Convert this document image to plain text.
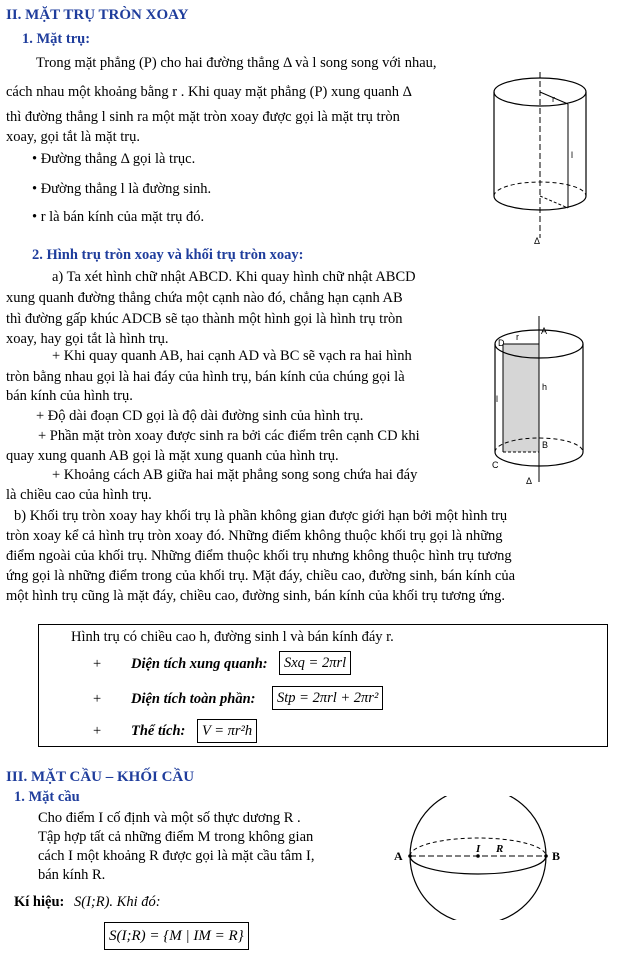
II. MẶT TRỤ TRÒN XOAY
1. Mặt trụ:
Trong mặt phẳng (P) cho hai đường thẳng Δ và l song song với nhau,
cách nhau một khoảng bằng r . Khi quay mặt phẳng (P) xung quanh Δ
thì đường thẳng l sinh ra một mặt tròn xoay được gọi là mặt trụ tròn
xoay, gọi tắt là mặt trụ.
• Đường thẳng Δ gọi là trục.
• Đường thẳng l là đường sinh.
• r là bán kính của mặt trụ đó.
2. Hình trụ tròn xoay và khối trụ tròn xoay:
a) Ta xét hình chữ nhật ABCD. Khi quay hình chữ nhật ABCD
xung quanh đường thẳng chứa một cạnh nào đó, chẳng hạn cạnh AB
thì đường gấp khúc ADCB sẽ tạo thành một hình gọi là hình trụ tròn
xoay, hay gọi tắt là hình trụ.
+ Khi quay quanh AB, hai cạnh AD và BC sẽ vạch ra hai hình
tròn bằng nhau gọi là hai đáy của hình trụ, bán kính của chúng gọi là
bán kính của hình trụ.
+ Độ dài đoạn CD gọi là độ dài đường sinh của hình trụ.
+ Phần mặt tròn xoay được sinh ra bởi các điểm trên cạnh CD khi
quay xung quanh AB gọi là mặt xung quanh của hình trụ.
+ Khoảng cách AB giữa hai mặt phẳng song song chứa hai đáy
là chiều cao của hình trụ.
b) Khối trụ tròn xoay hay khối trụ là phần không gian được giới hạn bởi một hình trụ
tròn xoay kể cả hình trụ tròn xoay đó. Những điểm không thuộc khối trụ gọi là những
điểm ngoài của khối trụ. Những điểm thuộc khối trụ nhưng không thuộc hình trụ tương
ứng gọi là những điểm trong của khối trụ. Mặt đáy, chiều cao, đường sinh, bán kính của
một hình trụ cũng là mặt đáy, chiều cao, đường sinh, bán kính của khối trụ tương ứng.
r
l
Δ
A
B
C
D
r
h
l
Δ
Hình trụ có chiều cao h, đường sinh l và bán kính đáy r.
+ Diện tích xung quanh:	Sxq = 2πrl
+ Diện tích toàn phần:	Stp = 2πrl + 2πr²
+ Thể tích:	V = πr²h
III. MẶT CẦU – KHỐI CẦU
1. Mặt cầu
Cho điểm I cố định và một số thực dương R .
Tập hợp tất cả những điểm M trong không gian
cách I một khoảng R được gọi là mặt cầu tâm I,
bán kính R.
Kí hiệu: S(I;R). Khi đó:
S(I;R) = {M | IM = R}
A	B
I R
